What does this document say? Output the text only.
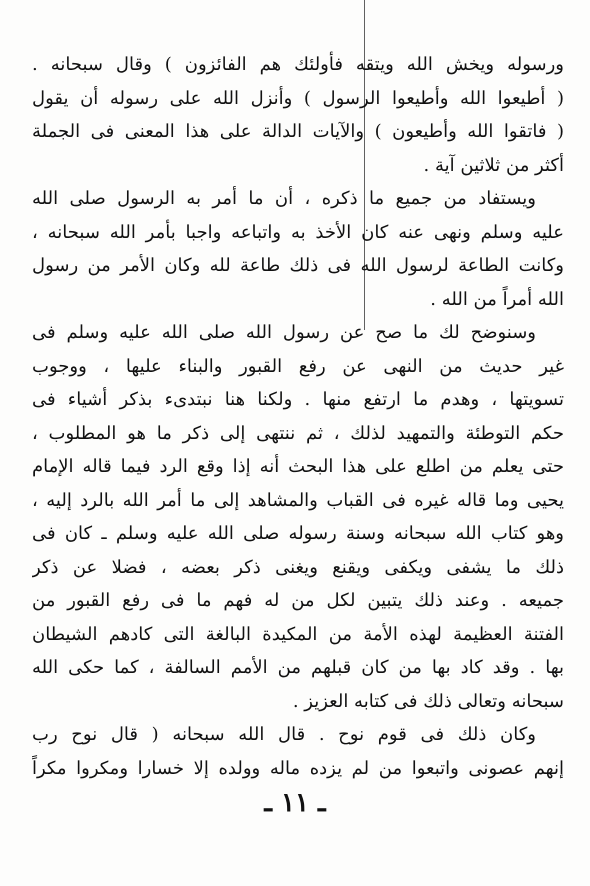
ورسوله ويخش الله ويتقه فأولئك هم الفائزون ) وقال سبحانه .
( أطيعوا الله وأطيعوا الرسول ) وأنزل الله على رسوله أن يقول
( فاتقوا الله وأطيعون ) والآيات الدالة على هذا المعنى فى الجملة
أكثر من ثلاثين آية .
ويستفاد من جميع ما ذكره ، أن ما أمر به الرسول صلى الله
عليه وسلم ونهى عنه كان الأخذ به واتباعه واجبا بأمر الله سبحانه ،
وكانت الطاعة لرسول الله فى ذلك طاعة لله وكان الأمر من رسول
الله أمراً من الله .
وسنوضح لك ما صح عن رسول الله صلى الله عليه وسلم فى
غير حديث من النهى عن رفع القبور والبناء عليها ، ووجوب
تسويتها ، وهدم ما ارتفع منها . ولكنا هنا نبتدىء بذكر أشياء فى
حكم التوطئة والتمهيد لذلك ، ثم ننتهى إلى ذكر ما هو المطلوب ،
حتى يعلم من اطلع على هذا البحث أنه إذا وقع الرد فيما قاله الإمام
يحيى وما قاله غيره فى القباب والمشاهد إلى ما أمر الله بالرد إليه ،
وهو كتاب الله سبحانه وسنة رسوله صلى الله عليه وسلم ـ كان فى
ذلك ما يشفى ويكفى ويقنع ويغنى ذكر بعضه ، فضلا عن ذكر
جميعه . وعند ذلك يتبين لكل من له فهم ما فى رفع القبور من
الفتنة العظيمة لهذه الأمة من المكيدة البالغة التى كادهم الشيطان
بها . وقد كاد بها من كان قبلهم من الأمم السالفة ، كما حكى الله
سبحانه وتعالى ذلك فى كتابه العزيز .
وكان ذلك فى قوم نوح . قال الله سبحانه ( قال نوح رب
إنهم عصونى واتبعوا من لم يزده ماله وولده إلا خسارا ومكروا مكراً
ـ ١١ ـ
